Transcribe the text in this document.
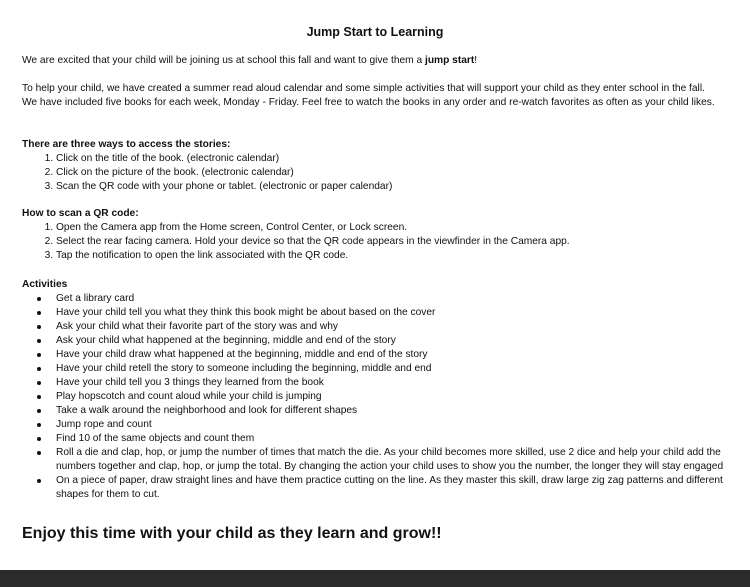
Jump Start to Learning
We are excited that your child will be joining us at school this fall and want to give them a jump start!
To help your child, we have created a summer read aloud calendar and some simple activities that will support your child as they enter school in the fall. We have included five books for each week, Monday - Friday. Feel free to watch the books in any order and re-watch favorites as often as your child likes.
There are three ways to access the stories:
1. Click on the title of the book. (electronic calendar)
2. Click on the picture of the book. (electronic calendar)
3. Scan the QR code with your phone or tablet. (electronic or paper calendar)
How to scan a QR code:
1. Open the Camera app from the Home screen, Control Center, or Lock screen.
2. Select the rear facing camera. Hold your device so that the QR code appears in the viewfinder in the Camera app.
3. Tap the notification to open the link associated with the QR code.
Activities
Get a library card
Have your child tell you what they think this book might be about based on the cover
Ask your child what their favorite part of the story was and why
Ask your child what happened at the beginning, middle and end of the story
Have your child draw what happened at the beginning, middle and end of the story
Have your child retell the story to someone including the beginning, middle and end
Have your child tell you 3 things they learned from the book
Play hopscotch and count aloud while your child is jumping
Take a walk around the neighborhood and look for different shapes
Jump rope and count
Find 10 of the same objects and count them
Roll a die and clap, hop, or jump the number of times that match the die. As your child becomes more skilled, use 2 dice and help your child add the numbers together and clap, hop, or jump the total. By changing the action your child uses to show you the number, the longer they will stay engaged
On a piece of paper, draw straight lines and have them practice cutting on the line. As they master this skill, draw large zig zag patterns and different shapes for them to cut.
Enjoy this time with your child as they learn and grow!!
